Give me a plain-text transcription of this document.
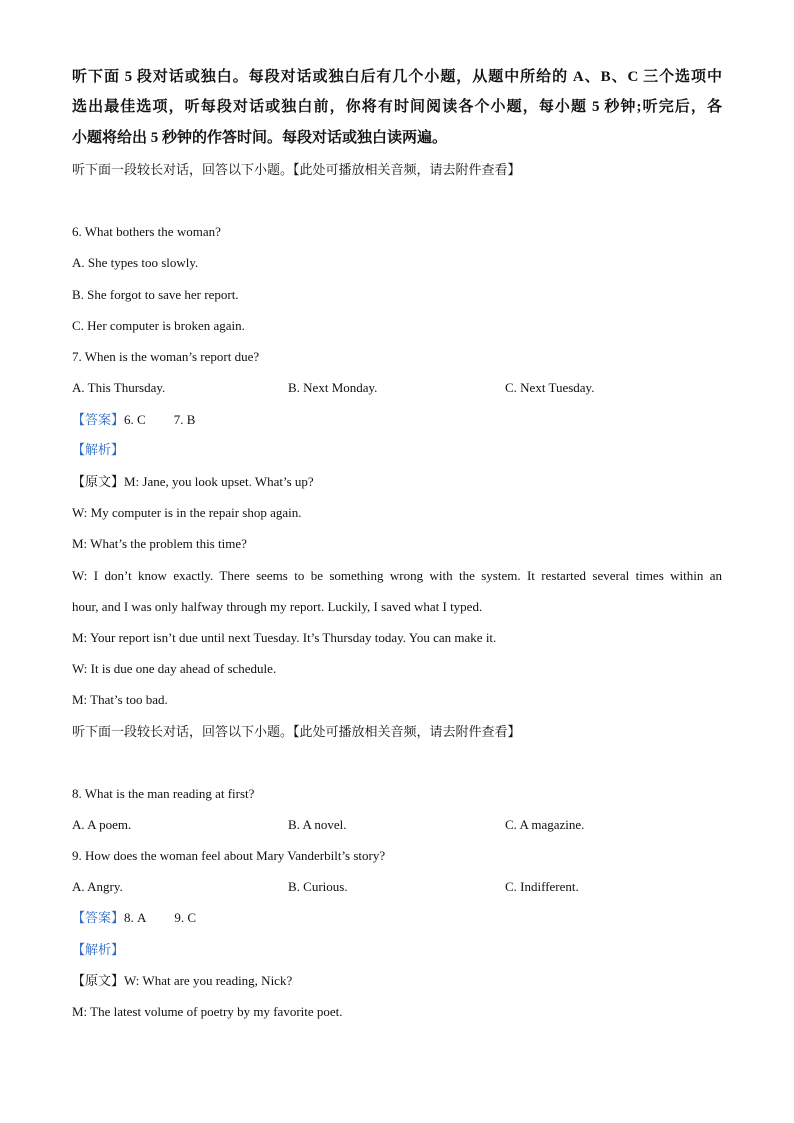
听下面 5 段对话或独白。每段对话或独白后有几个小题，从题中所给的 A、B、C 三个选项中
选出最佳选项，听每段对话或独白前，你将有时间阅读各个小题，每小题 5 秒钟;听完后，各
小题将给出 5 秒钟的作答时间。每段对话或独白读两遍。
听下面一段较长对话，回答以下小题。【此处可播放相关音频，请去附件查看】
6. What bothers the woman?
A. She types too slowly.
B. She forgot to save her report.
C. Her computer is broken again.
7. When is the woman’s report due?
A. This Thursday.	B. Next Monday.	C. Next Tuesday.
【答案】6. C 7. B
【解析】
【原文】M: Jane, you look upset. What’s up?
W: My computer is in the repair shop again.
M: What’s the problem this time?
W: I don’t know exactly. There seems to be something wrong with the system. It restarted several times within an
hour, and I was only halfway through my report. Luckily, I saved what I typed.
M: Your report isn’t due until next Tuesday. It’s Thursday today. You can make it.
W: It is due one day ahead of schedule.
M: That’s too bad.
听下面一段较长对话，回答以下小题。【此处可播放相关音频，请去附件查看】
8. What is the man reading at first?
A. A poem.	B. A novel.	C. A magazine.
9. How does the woman feel about Mary Vanderbilt’s story?
A. Angry.	B. Curious.	C. Indifferent.
【答案】8. A 9. C
【解析】
【原文】W: What are you reading, Nick?
M: The latest volume of poetry by my favorite poet.
